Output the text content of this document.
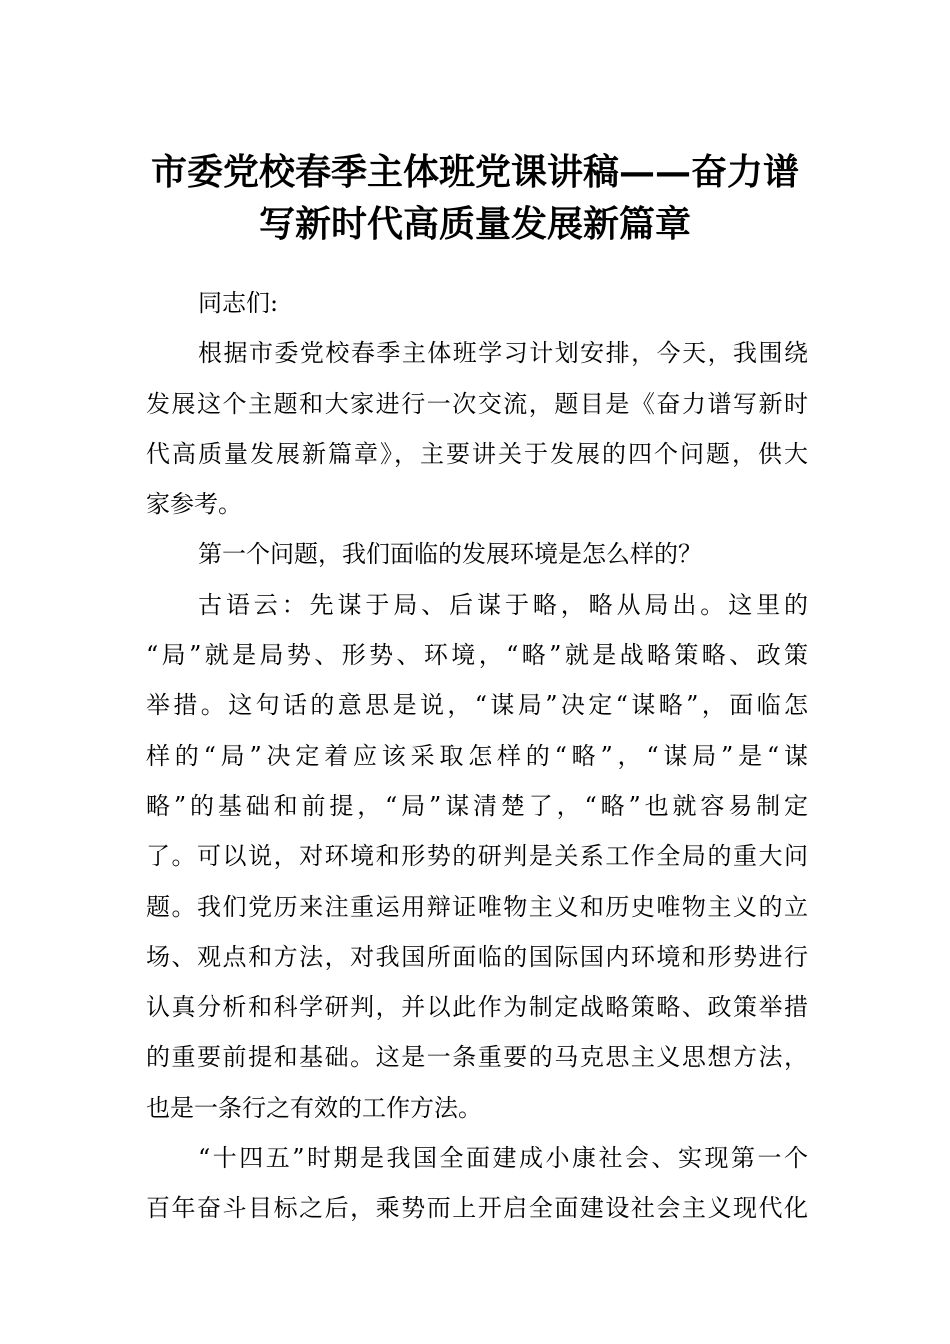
市委党校春季主体班党课讲稿——奋力谱
写新时代高质量发展新篇章

同志们:

根据市委党校春季主体班学习计划安排，今天，我围绕
发展这个主题和大家进行一次交流，题目是《奋力谱写新时
代高质量发展新篇章》，主要讲关于发展的四个问题，供大
家参考。

第一个问题，我们面临的发展环境是怎么样的？

古语云：先谋于局、后谋于略，略从局出。这里的
“局”就是局势、形势、环境，“略”就是战略策略、政策
举措。这句话的意思是说，“谋局”决定“谋略”，面临怎
样的“局”决定着应该采取怎样的“略”，“谋局”是“谋
略”的基础和前提，“局”谋清楚了，“略”也就容易制定
了。可以说，对环境和形势的研判是关系工作全局的重大问
题。我们党历来注重运用辩证唯物主义和历史唯物主义的立
场、观点和方法，对我国所面临的国际国内环境和形势进行
认真分析和科学研判，并以此作为制定战略策略、政策举措
的重要前提和基础。这是一条重要的马克思主义思想方法，
也是一条行之有效的工作方法。

“十四五”时期是我国全面建成小康社会、实现第一个
百年奋斗目标之后，乘势而上开启全面建设社会主义现代化
